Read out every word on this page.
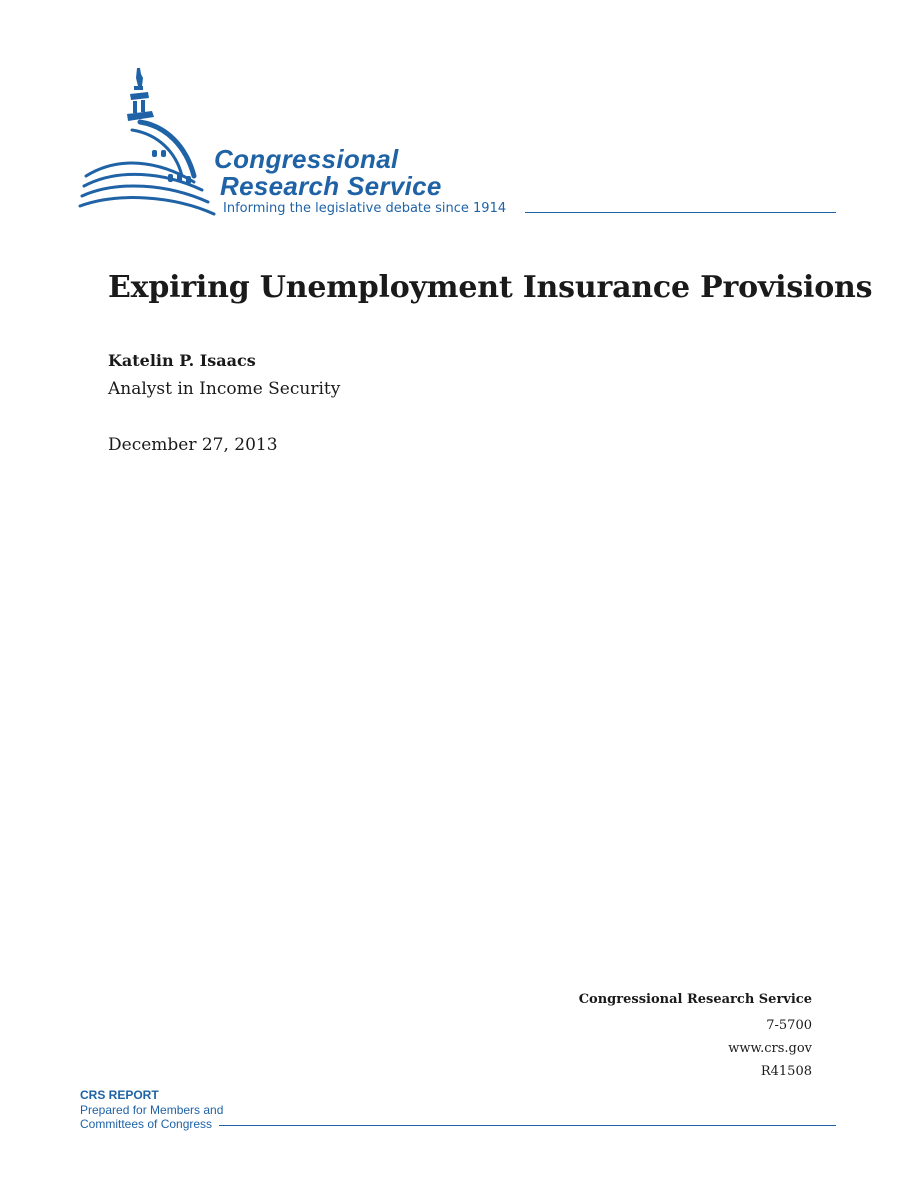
Congressional
Research Service
Informing the legislative debate since 1914
Expiring Unemployment Insurance Provisions
Katelin P. Isaacs
Analyst in Income Security
December 27, 2013
Congressional Research Service
7-5700
www.crs.gov
R41508
CRS REPORT
Prepared for Members and
Committees of Congress
